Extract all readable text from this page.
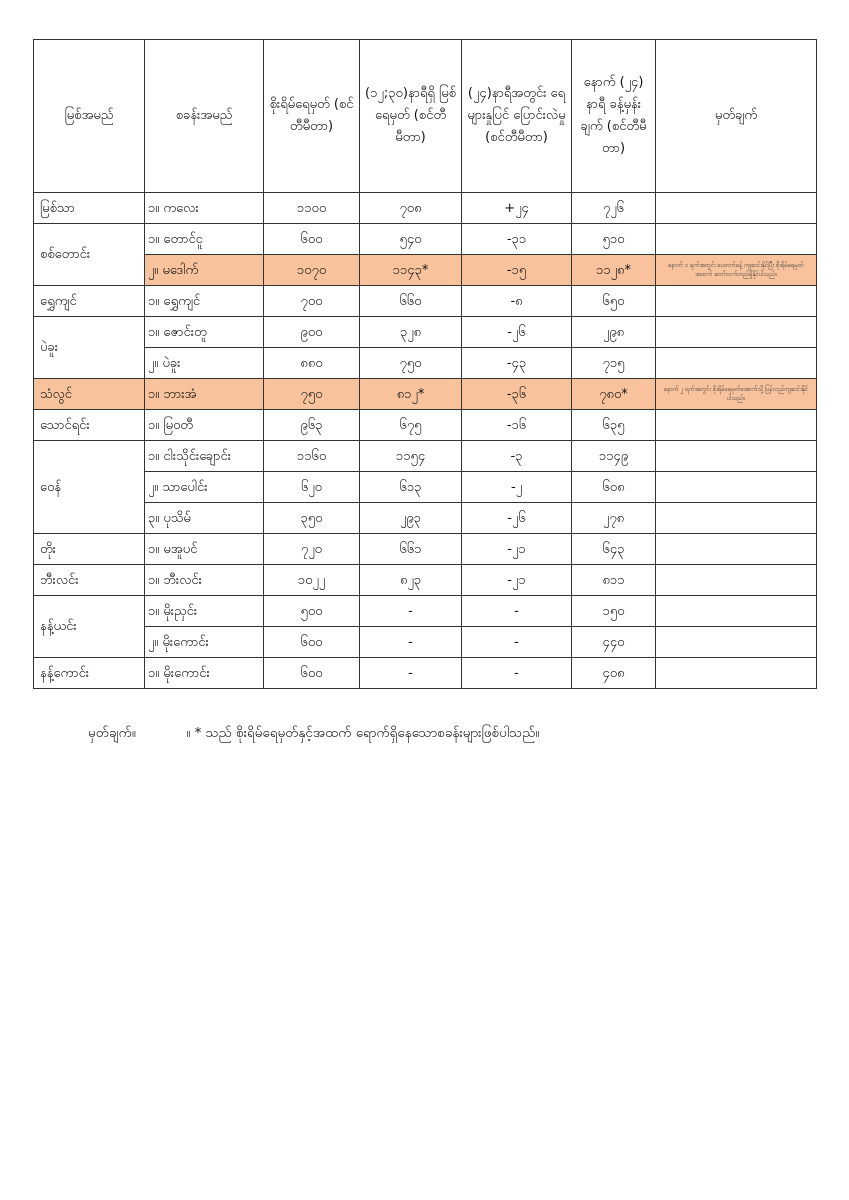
မြစ်အမည်	စခန်းအမည်	စိုးရိမ်ရေမှတ် (စင်တီမီတာ)	(၁၂;၃၀)နာရီရှိ မြစ်ရေမှတ် (စင်တီမီတာ)	(၂၄)နာရီအတွင်း ရေများနှုပြင် ပြောင်းလဲမှု (စင်တီမီတာ)	နောက် (၂၄) နာရီ ခန့်မှန်းချက် (စင်တီမီ တာ)	မှတ်ချက်
မြစ်သာ	၁။ ကလေး	၁၁၀၀	၇၀၈	+၂၄	၇၂၆	
စစ်တောင်း	၁။ တောင်ငူ	၆၀၀	၅၄၀	-၃၁	၅၁၀	
	၂။ မဒေါက်	၁၀၇၀	၁၁၄၃*	-၁၅	၁၁၂၈*	နောက် ၁ ရက်အတွင်း ပေတက်ခန့် ကျဆင်းနိုင်ပြီး စိုးရိမ်ရေမှတ်အထက် ဆက်လက်တည်ရှိနိုင်ပါသည်။
ရွှေကျင်	၁။ ရွှေကျင်	၇၀၀	၆၆၀	-၈	၆၅၀	
ပဲခူး	၁။ ဇောင်းတူ	၉၀၀	၃၂၈	-၂၆	၂၉၈	
	၂။ ပဲခူး	၈၈၀	၇၅၀	-၄၃	၇၁၅	
သံလွင်	၁။ ဘားအံ	၇၅၀	၈၁၂*	-၃၆	၇၈၀*	နောက် ၂ ရက်အတွင်း စိုးရိမ်ရေမှတ်အောက်သို့ ပြန်လည်ကျဆင်းနိုင်ပါသည်။
သောင်ရင်း	၁။ မြဝတီ	၉၆၃	၆၇၅	-၁၆	၆၃၅	
ဝေန်	၁။ ငါးသိုင်းချောင်း	၁၁၆၀	၁၁၅၄	-၃	၁၁၄၉	
	၂။ သာပေါင်း	၆၂၀	၆၁၃	-၂	၆၀၈	
	၃။ ပုသိမ်	၃၅၀	၂၉၃	-၂၆	၂၇၈	
တိုး	၁။ မအူပင်	၇၂၀	၆၆၁	-၂၁	၆၄၃	
ဘီးလင်း	၁။ ဘီးလင်း	၁၀၂၂	၈၂၃	-၂၁	၈၁၁	
နန့်ယင်း	၁။ မိုးညှင်း	၅၀၀	-	-	၁၅၀	
	၂။ မိုးကောင်း	၆၀၀	-	-	၄၄၀	
နန့်ကောင်း	၁။ မိုးကောင်း	၆၀၀	-	-	၄၀၈	
မှတ်ချက်။	။ * သည် စိုးရိမ်ရေမှတ်နှင့်အထက် ရောက်ရှိနေသောစခန်းများဖြစ်ပါသည်။
